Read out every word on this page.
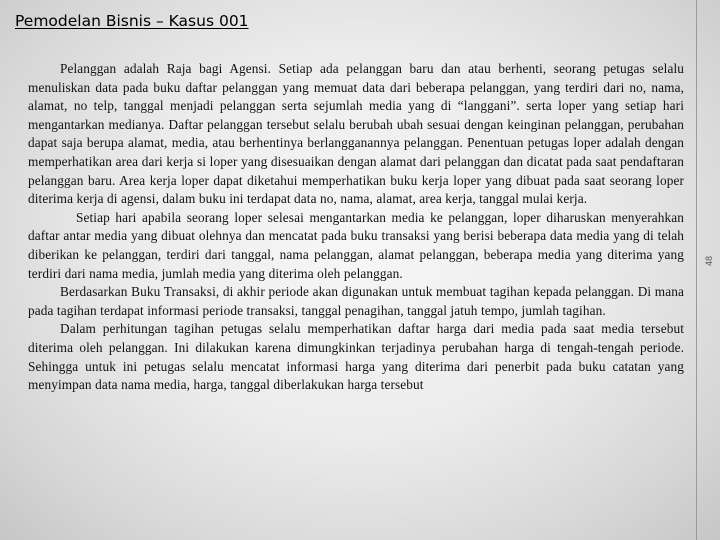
Pemodelan Bisnis – Kasus 001
48

Pelanggan adalah Raja bagi Agensi. Setiap ada pelanggan baru dan atau berhenti, seorang petugas selalu menuliskan data pada buku daftar pelanggan yang memuat data dari beberapa pelanggan, yang terdiri dari no, nama, alamat, no telp, tanggal menjadi pelanggan serta sejumlah media yang di “langgani”. serta loper yang setiap hari mengantarkan medianya. Daftar pelanggan tersebut selalu berubah ubah sesuai dengan keinginan pelanggan, perubahan dapat saja berupa alamat, media, atau berhentinya berlangganannya pelanggan. Penentuan petugas loper adalah dengan memperhatikan area dari kerja si loper yang disesuaikan dengan alamat dari pelanggan dan dicatat pada saat pendaftaran pelanggan baru. Area kerja loper dapat diketahui memperhatikan buku kerja loper yang dibuat pada saat seorang loper diterima kerja di agensi, dalam buku ini terdapat data no, nama, alamat, area kerja, tanggal mulai kerja.

Setiap hari apabila seorang loper selesai mengantarkan media ke pelanggan, loper diharuskan menyerahkan daftar antar media yang dibuat olehnya dan mencatat pada buku transaksi yang berisi beberapa data media yang di telah diberikan ke pelanggan, terdiri dari tanggal, nama pelanggan, alamat pelanggan, beberapa media yang diterima yang terdiri dari nama media, jumlah media yang diterima oleh pelanggan.

Berdasarkan Buku Transaksi, di akhir periode akan digunakan untuk membuat tagihan kepada pelanggan. Di mana pada tagihan terdapat informasi periode transaksi, tanggal penagihan, tanggal jatuh tempo, jumlah tagihan.

Dalam perhitungan tagihan petugas selalu memperhatikan daftar harga dari media pada saat media tersebut diterima oleh pelanggan. Ini dilakukan karena dimungkinkan terjadinya perubahan harga di tengah-tengah periode. Sehingga untuk ini petugas selalu mencatat informasi harga yang diterima dari penerbit pada buku catatan yang menyimpan data nama media, harga, tanggal diberlakukan harga tersebut
